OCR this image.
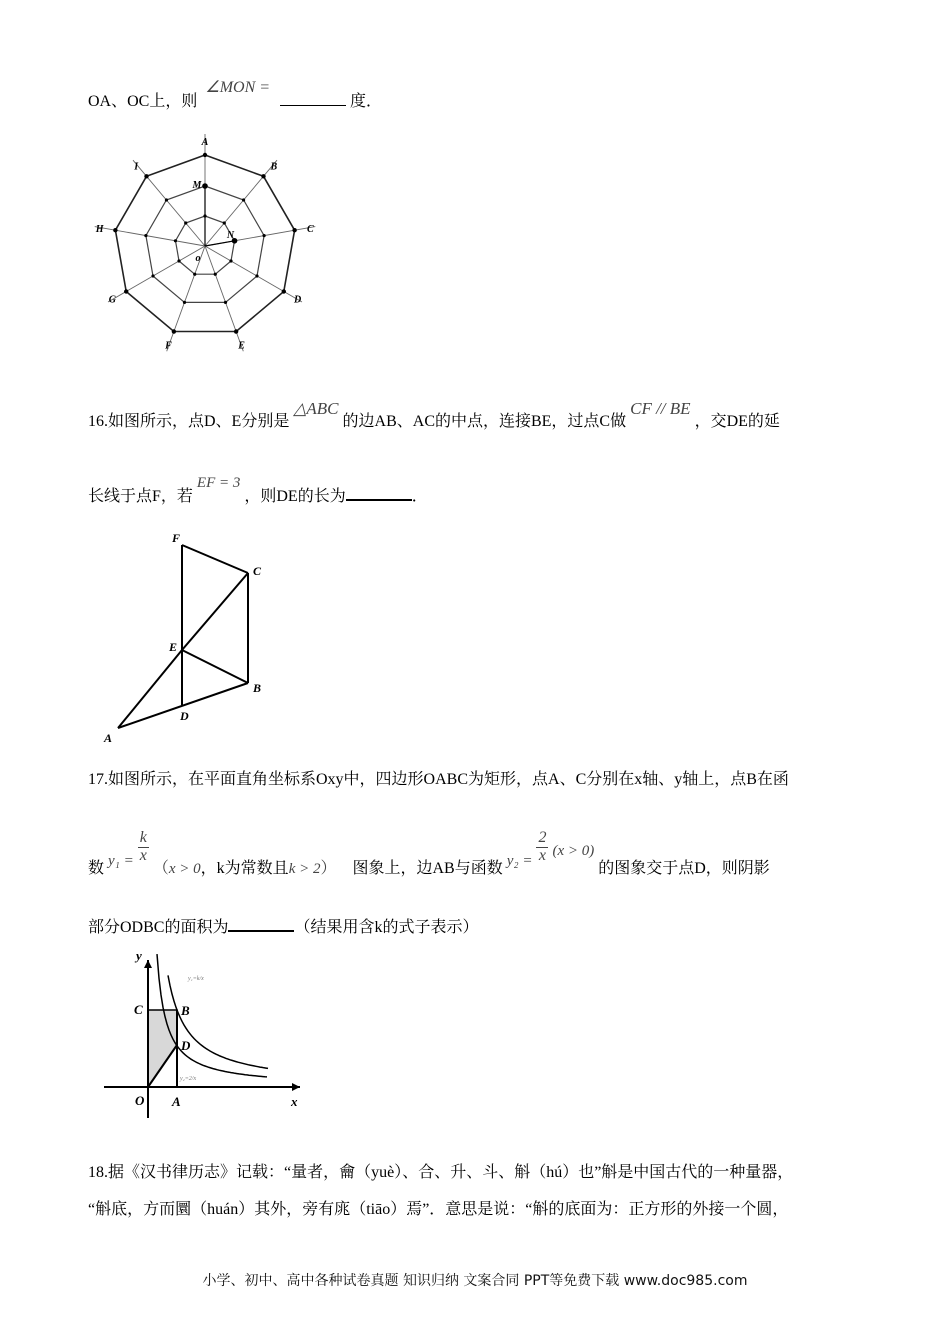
OA、OC上，则 ∠MON =  度．
A
B
C
D
E
F
G
H
I
M
N
o
16.如图所示，点D、E分别是 △ABC 的边AB、AC的中点，连接BE，过点C做 CF // BE ，交DE的延
长线于点F，若 EF = 3 ，则DE的长为	．
F
C
E
B
D
A
17.如图所示，在平面直角坐标系Oxy中，四边形OABC为矩形，点A、C分别在x轴、y轴上，点B在函
数 $y_1 = \frac{k}{x}$
（x > 0，k为常数且k > 2） 图象上，边AB与函数 $y_2 = \frac{2}{x} (x > 0)$ 的图象交于点D，则阴影
部分ODBC的面积为	（结果用含k的式子表示）
y
x
O A
C	B
D
y₁=k/x
y₂=2/x
18.据《汉书律历志》记载：“量者，龠（yuè）、合、升、斗、斛（hú）也”斛是中国古代的一种量器，
“斛底，方而圜（huán）其外，旁有庣（tiāo）焉”．意思是说：“斛的底面为：正方形的外接一个圆，
小学、初中、高中各种试卷真题 知识归纳 文案合同 PPT等免费下载 www.doc985.com
